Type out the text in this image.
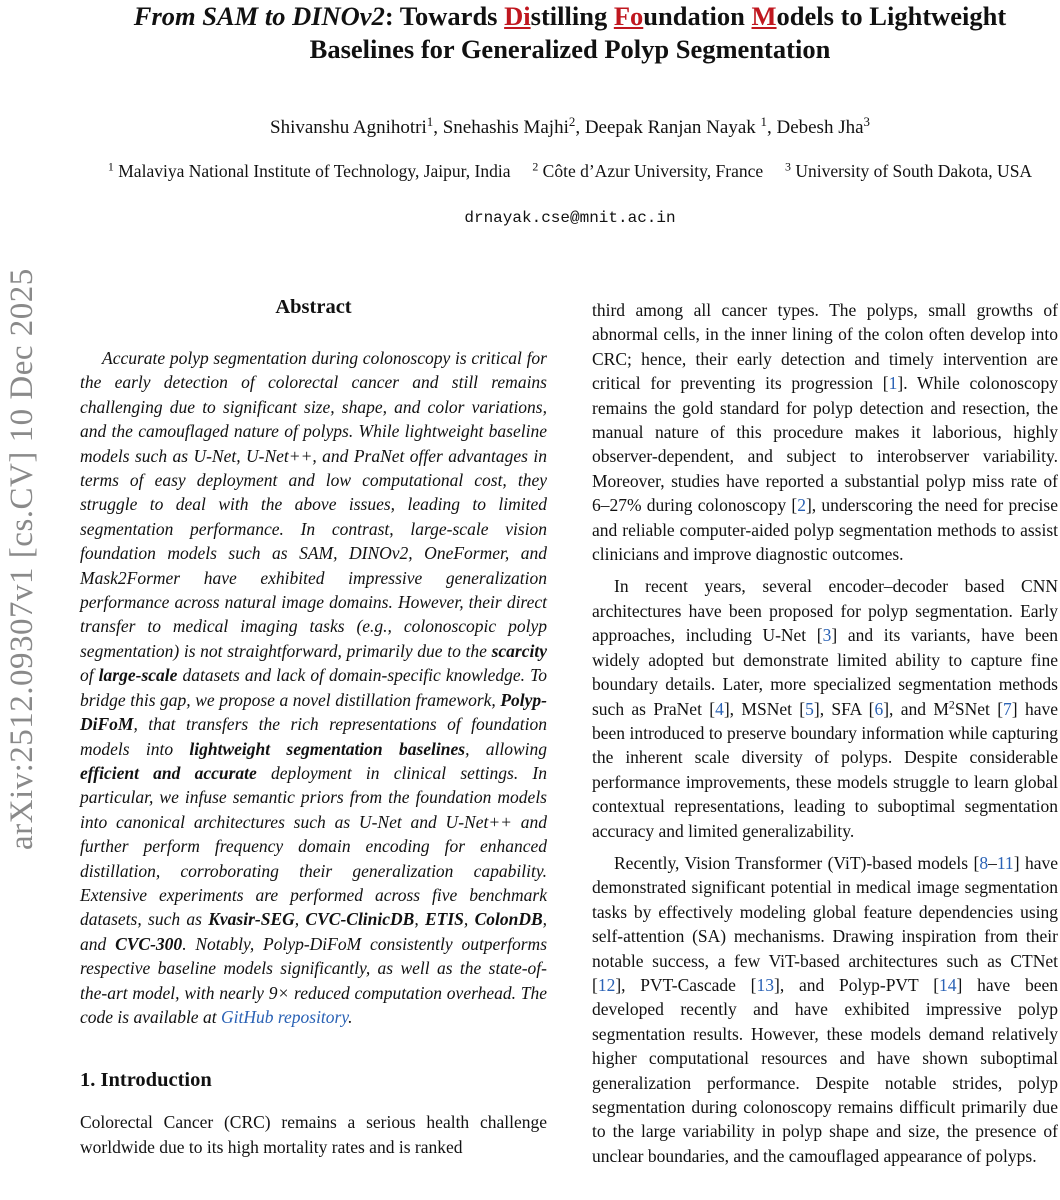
arXiv:2512.09307v1 [cs.CV] 10 Dec 2025
From SAM to DINOv2: Towards Distilling Foundation Models to Lightweight
Baselines for Generalized Polyp Segmentation
Shivanshu Agnihotri$^1$, Snehashis Majhi$^2$, Deepak Ranjan Nayak $^1$, Debesh Jha$^3$
$^1$ Malaviya National Institute of Technology, Jaipur, India $^2$ Côte d’Azur University, France $^3$ University of South Dakota, USA
drnayak.cse@mnit.ac.in
Abstract

Accurate polyp segmentation during colonoscopy is critical for the early detection of colorectal cancer and still remains challenging due to significant size, shape, and color variations, and the camouflaged nature of polyps. While lightweight baseline models such as U-Net, U-Net++, and PraNet offer advantages in terms of easy deployment and low computational cost, they struggle to deal with the above issues, leading to limited segmentation performance. In contrast, large-scale vision foundation models such as SAM, DINOv2, OneFormer, and Mask2Former have exhibited impressive generalization performance across natural image domains. However, their direct transfer to medical imaging tasks (e.g., colonoscopic polyp segmentation) is not straightforward, primarily due to the scarcity of large-scale datasets and lack of domain-specific knowledge. To bridge this gap, we propose a novel distillation framework, Polyp-DiFoM, that transfers the rich representations of foundation models into lightweight segmentation baselines, allowing efficient and accurate deployment in clinical settings. In particular, we infuse semantic priors from the foundation models into canonical architectures such as U-Net and U-Net++ and further perform frequency domain encoding for enhanced distillation, corroborating their generalization capability. Extensive experiments are performed across five benchmark datasets, such as Kvasir-SEG, CVC-ClinicDB, ETIS, ColonDB, and CVC-300. Notably, Polyp-DiFoM consistently outperforms respective baseline models significantly, as well as the state-of-the-art model, with nearly 9× reduced computation overhead. The code is available at GitHub repository.

1. Introduction

Colorectal Cancer (CRC) remains a serious health challenge worldwide due to its high mortality rates and is ranked

third among all cancer types. The polyps, small growths of abnormal cells, in the inner lining of the colon often develop into CRC; hence, their early detection and timely intervention are critical for preventing its progression [1]. While colonoscopy remains the gold standard for polyp detection and resection, the manual nature of this procedure makes it laborious, highly observer-dependent, and subject to interobserver variability. Moreover, studies have reported a substantial polyp miss rate of 6–27% during colonoscopy [2], underscoring the need for precise and reliable computer-aided polyp segmentation methods to assist clinicians and improve diagnostic outcomes.

In recent years, several encoder–decoder based CNN architectures have been proposed for polyp segmentation. Early approaches, including U-Net [3] and its variants, have been widely adopted but demonstrate limited ability to capture fine boundary details. Later, more specialized segmentation methods such as PraNet [4], MSNet [5], SFA [6], and $M^2SNet$ [7] have been introduced to preserve boundary information while capturing the inherent scale diversity of polyps. Despite considerable performance improvements, these models struggle to learn global contextual representations, leading to suboptimal segmentation accuracy and limited generalizability.

Recently, Vision Transformer (ViT)-based models [8–11] have demonstrated significant potential in medical image segmentation tasks by effectively modeling global feature dependencies using self-attention (SA) mechanisms. Drawing inspiration from their notable success, a few ViT-based architectures such as CTNet [12], PVT-Cascade [13], and Polyp-PVT [14] have been developed recently and have exhibited impressive polyp segmentation results. However, these models demand relatively higher computational resources and have shown suboptimal generalization performance. Despite notable strides, polyp segmentation during colonoscopy remains difficult primarily due to the large variability in polyp shape and size, the presence of unclear boundaries, and the camouflaged appearance of polyps.
